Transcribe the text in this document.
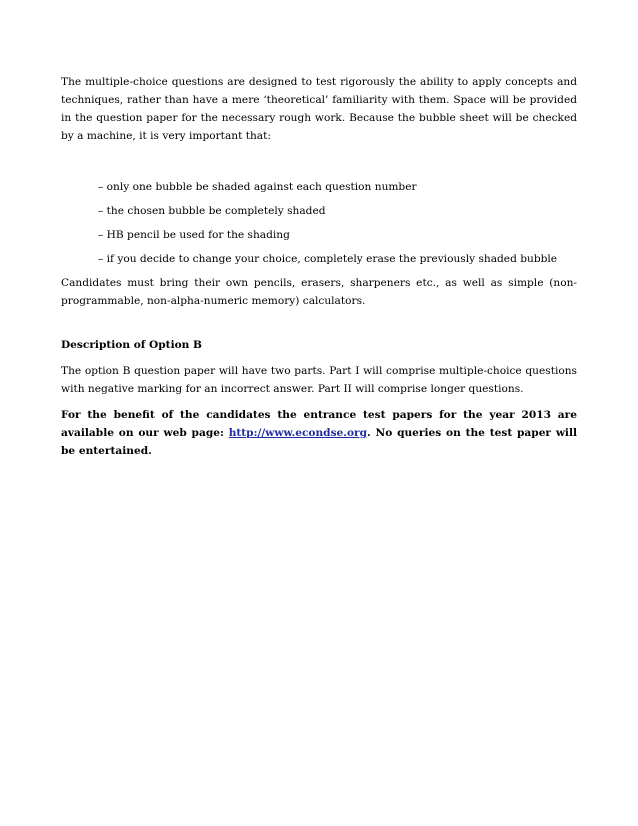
The multiple-choice questions are designed to test rigorously the ability to apply concepts and techniques, rather than have a mere ‘theoretical’ familiarity with them. Space will be provided in the question paper for the necessary rough work. Because the bubble sheet will be checked by a machine, it is very important that:

– only one bubble be shaded against each question number
– the chosen bubble be completely shaded
– HB pencil be used for the shading
– if you decide to change your choice, completely erase the previously shaded bubble

Candidates must bring their own pencils, erasers, sharpeners etc., as well as simple (non-programmable, non-alpha-numeric memory) calculators.

Description of Option B

The option B question paper will have two parts. Part I will comprise multiple-choice questions with negative marking for an incorrect answer. Part II will comprise longer questions.

For the benefit of the candidates the entrance test papers for the year 2013 are available on our web page: http://www.econdse.org. No queries on the test paper will be entertained.
